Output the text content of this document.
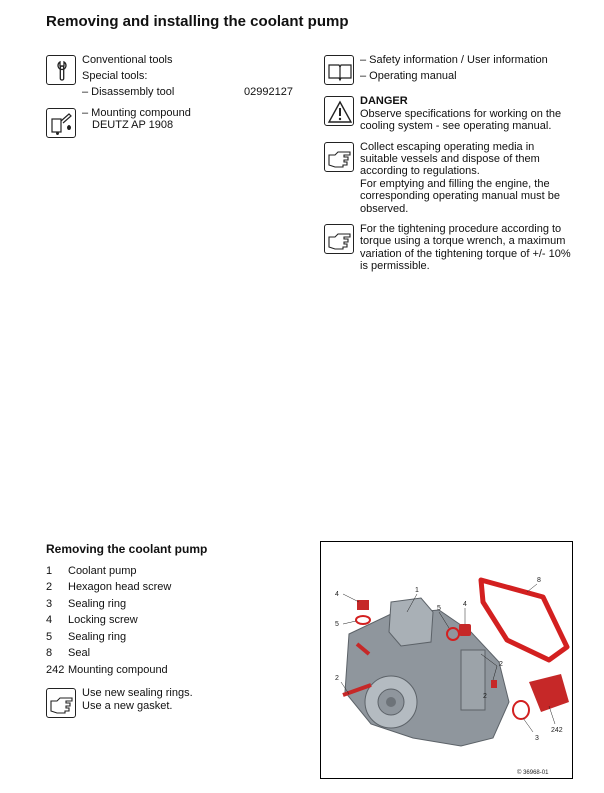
Removing and installing the coolant pump
Conventional tools
Special tools:
– Disassembly tool	02992127
– Mounting compound
DEUTZ AP 1908
– Safety information / User information
– Operating manual
DANGER
Observe specifications for working on the
cooling system - see operating manual.
Collect escaping operating media in
suitable vessels and dispose of them
according to regulations.
For emptying and filling the engine, the
corresponding operating manual must be
observed.
For the tightening procedure according to
torque using a torque wrench, a maximum
variation of the tightening torque of +/- 10%
is permissible.
Removing the coolant pump
1 Coolant pump
2 Hexagon head screw
3 Sealing ring
4 Locking screw
5 Sealing ring
8 Seal
242 Mounting compound
Use new sealing rings.
Use a new gasket.
1
2
2
3
4
4
5
5
8
242
2
© 36968-01
